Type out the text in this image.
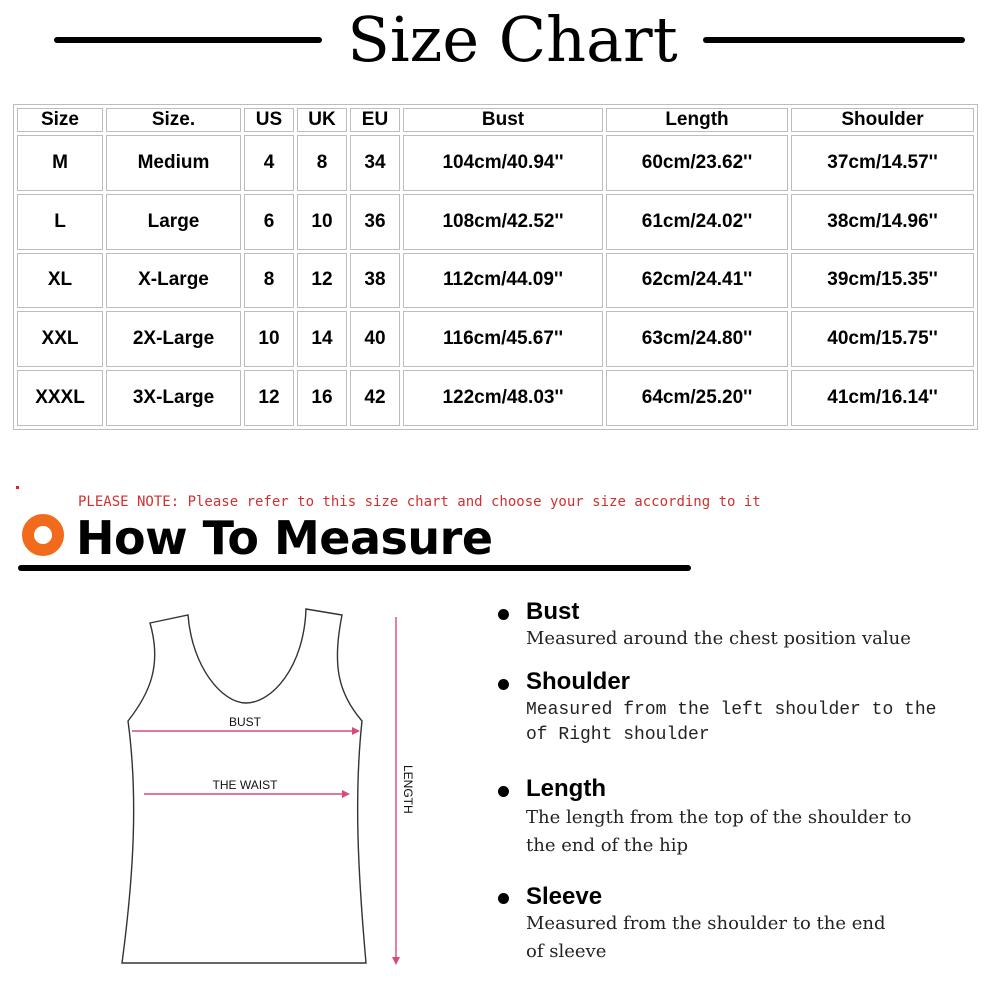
Size Chart
Size	Size.	US	UK	EU	Bust	Length	Shoulder
M	Medium	4	8	34	104cm/40.94''	60cm/23.62''	37cm/14.57''
L	Large	6	10	36	108cm/42.52''	61cm/24.02''	38cm/14.96''
XL	X-Large	8	12	38	112cm/44.09''	62cm/24.41''	39cm/15.35''
XXL	2X-Large	10	14	40	116cm/45.67''	63cm/24.80''	40cm/15.75''
XXXL	3X-Large	12	16	42	122cm/48.03''	64cm/25.20''	41cm/16.14''
PLEASE NOTE: Please refer to this size chart and choose your size according to it
How To Measure
BUST
THE WAIST	LENGTH
Bust
Measured around the chest position value
Shoulder
Measured from the left shoulder to the
of Right shoulder
Length
The length from the top of the shoulder to
the end of the hip
Sleeve
Measured from the shoulder to the end
of sleeve
